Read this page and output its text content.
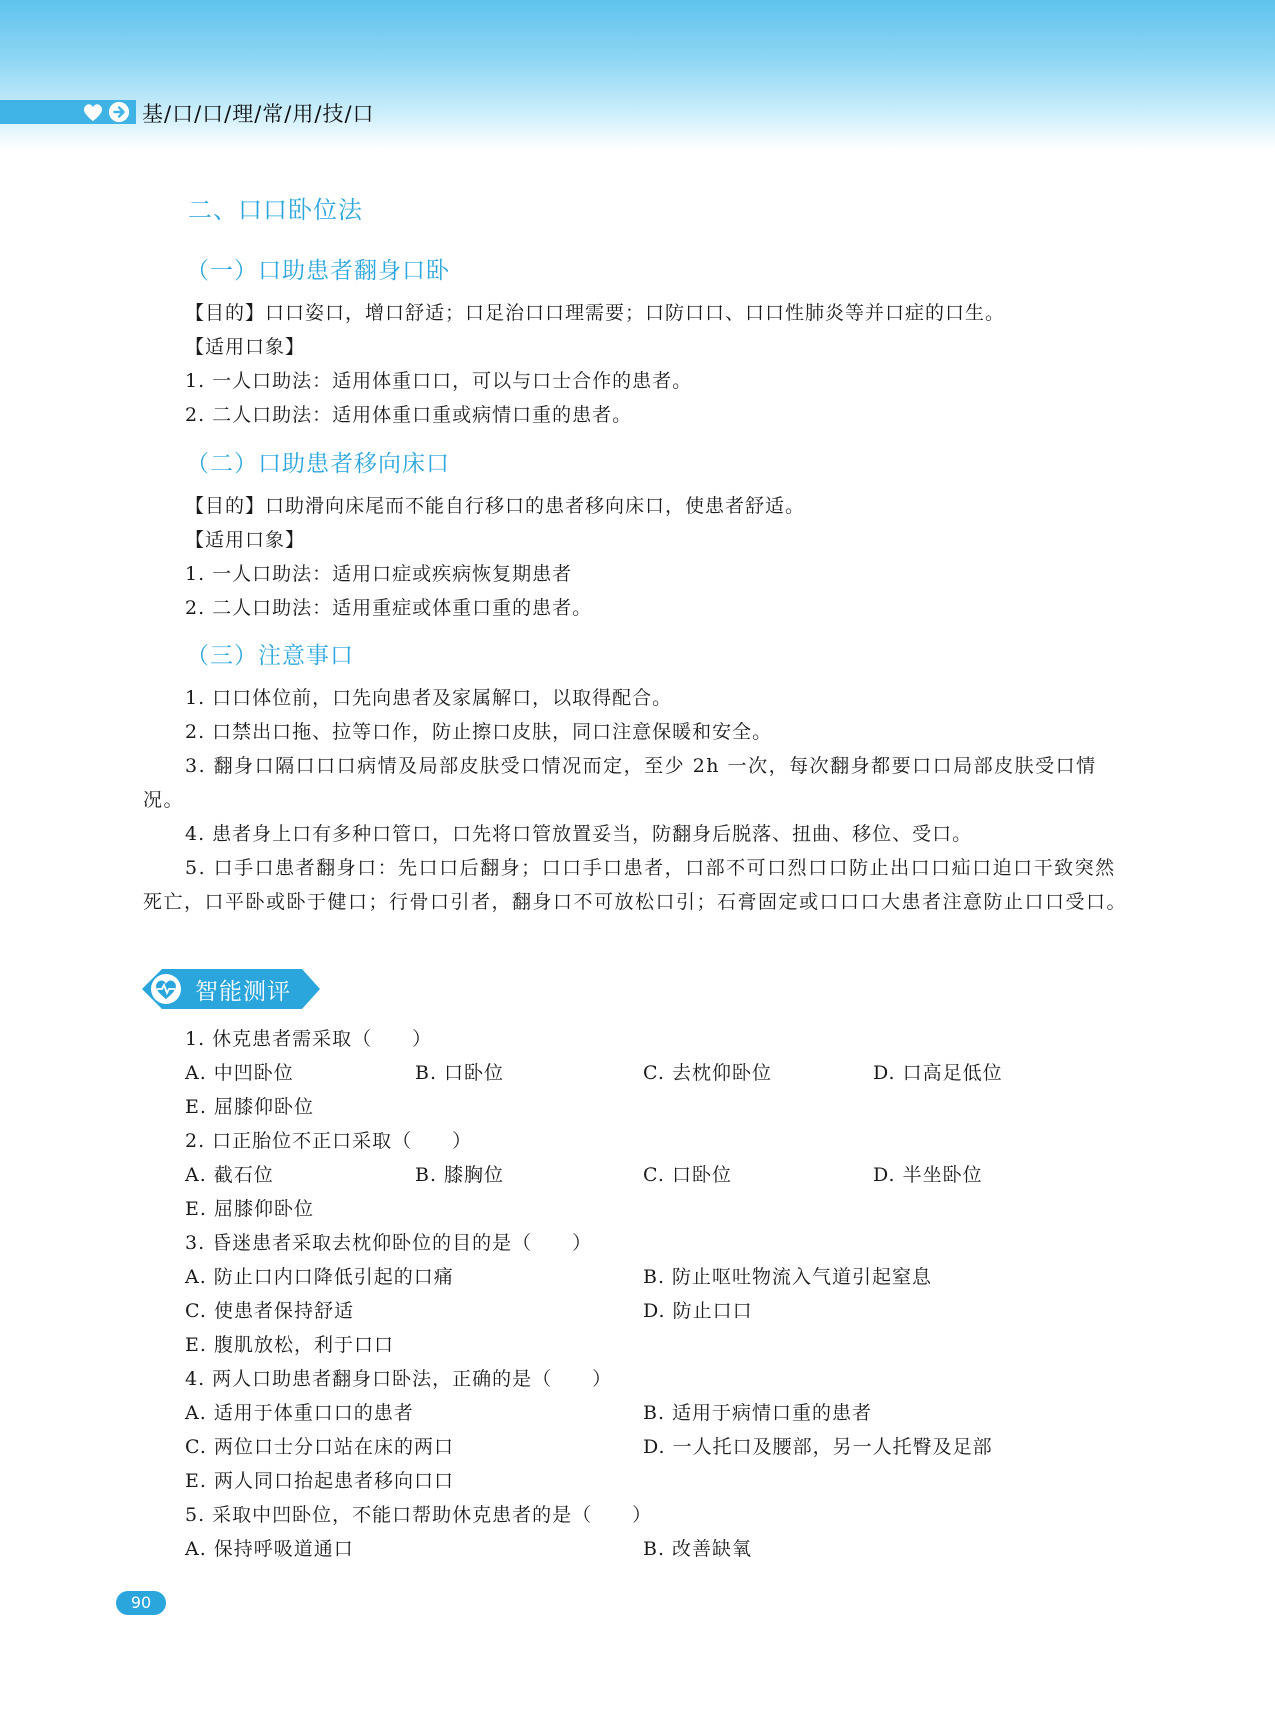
基/口/口/理/常/用/技/口
二、口口卧位法
（一）口助患者翻身口卧
【目的】口口姿口，增口舒适；口足治口口理需要；口防口口、口口性肺炎等并口症的口生。
【适用口象】
1. 一人口助法：适用体重口口，可以与口士合作的患者。
2. 二人口助法：适用体重口重或病情口重的患者。
（二）口助患者移向床口
【目的】口助滑向床尾而不能自行移口的患者移向床口，使患者舒适。
【适用口象】
1. 一人口助法：适用口症或疾病恢复期患者
2. 二人口助法：适用重症或体重口重的患者。
（三）注意事口
1. 口口体位前，口先向患者及家属解口，以取得配合。
2. 口禁出口拖、拉等口作，防止擦口皮肤，同口注意保暖和安全。
3. 翻身口隔口口口病情及局部皮肤受口情况而定，至少 2h 一次，每次翻身都要口口局部皮肤受口情况。
4. 患者身上口有多种口管口，口先将口管放置妥当，防翻身后脱落、扭曲、移位、受口。
5. 口手口患者翻身口：先口口后翻身；口口手口患者，口部不可口烈口口防止出口口疝口迫口干致突然死亡，口平卧或卧于健口；行骨口引者，翻身口不可放松口引；石膏固定或口口口大患者注意防止口口受口。
智能测评
1. 休克患者需采取（　　）
A. 中凹卧位	B. 口卧位	C. 去枕仰卧位	D. 口高足低位
E. 屈膝仰卧位
2. 口正胎位不正口采取（　　）
A. 截石位	B. 膝胸位	C. 口卧位	D. 半坐卧位
E. 屈膝仰卧位
3. 昏迷患者采取去枕仰卧位的目的是（　　）
A. 防止口内口降低引起的口痛	B. 防止呕吐物流入气道引起窒息
C. 使患者保持舒适	D. 防止口口
E. 腹肌放松，利于口口
4. 两人口助患者翻身口卧法，正确的是（　　）
A. 适用于体重口口的患者	B. 适用于病情口重的患者
C. 两位口士分口站在床的两口	D. 一人托口及腰部，另一人托臀及足部
E. 两人同口抬起患者移向口口
5. 采取中凹卧位，不能口帮助休克患者的是（　　）
A. 保持呼吸道通口	B. 改善缺氧
90
